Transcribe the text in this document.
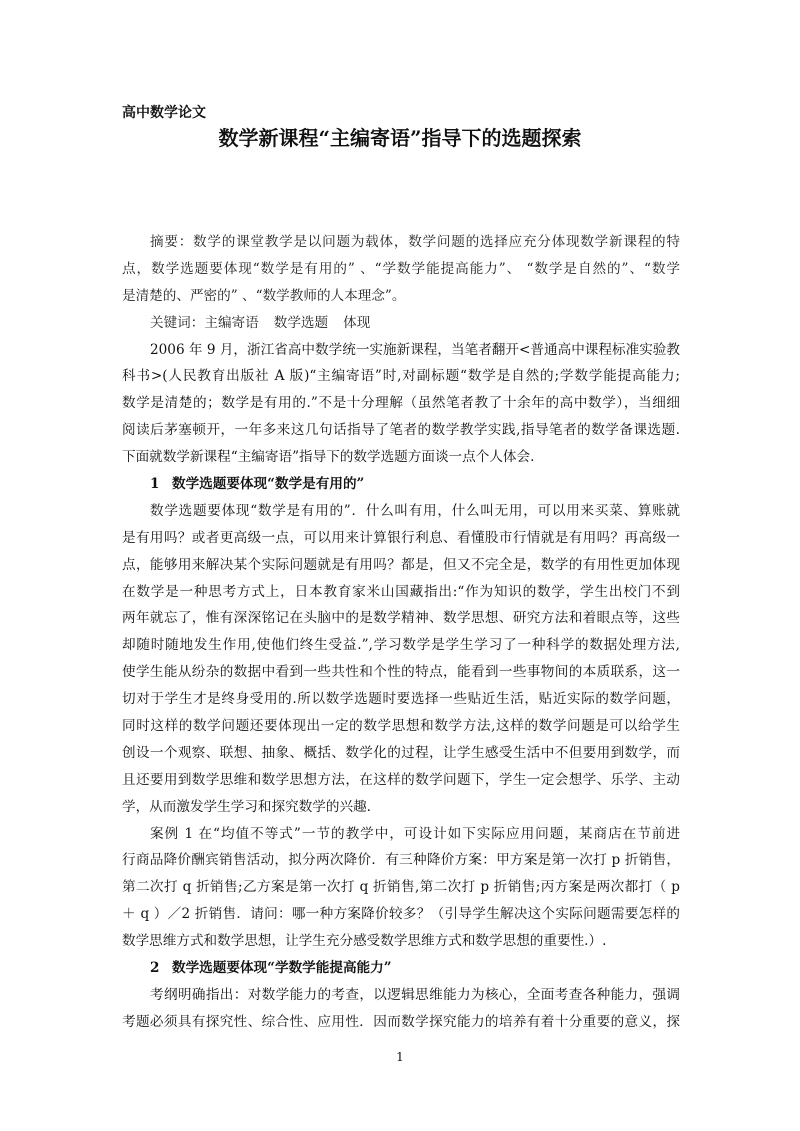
高中数学论文
数学新课程“主编寄语”指导下的选题探索
摘要：数学的课堂教学是以问题为载体，数学问题的选择应充分体现数学新课程的特
点，数学选题要体现“数学是有用的” 、“学数学能提高能力”、 “数学是自然的”、“数学
是清楚的、严密的” 、“数学教师的人本理念”。
关键词：主编寄语 数学选题 体现
2006 年 9 月，浙江省高中数学统一实施新课程，当笔者翻开<普通高中课程标准实验教
科书>(人民教育出版社 A 版)“主编寄语”时,对副标题“数学是自然的;学数学能提高能力;
数学是清楚的；数学是有用的.”不是十分理解（虽然笔者教了十余年的高中数学），当细细
阅读后茅塞顿开，一年多来这几句话指导了笔者的数学教学实践,指导笔者的数学备课选题.
下面就数学新课程“主编寄语”指导下的数学选题方面谈一点个人体会.
1 数学选题要体现“数学是有用的”
数学选题要体现“数学是有用的”．什么叫有用，什么叫无用，可以用来买菜、算账就
是有用吗？或者更高级一点，可以用来计算银行利息、看懂股市行情就是有用吗？再高级一
点，能够用来解决某个实际问题就是有用吗？都是，但又不完全是，数学的有用性更加体现
在数学是一种思考方式上，日本教育家米山国藏指出:“作为知识的数学，学生出校门不到
两年就忘了，惟有深深铭记在头脑中的是数学精神、数学思想、研究方法和着眼点等，这些
却随时随地发生作用,使他们终生受益.”,学习数学是学生学习了一种科学的数据处理方法,
使学生能从纷杂的数据中看到一些共性和个性的特点，能看到一些事物间的本质联系，这一
切对于学生才是终身受用的.所以数学选题时要选择一些贴近生活，贴近实际的数学问题，
同时这样的数学问题还要体现出一定的数学思想和数学方法,这样的数学问题是可以给学生
创设一个观察、联想、抽象、概括、数学化的过程，让学生感受生活中不但要用到数学，而
且还要用到数学思维和数学思想方法，在这样的数学问题下，学生一定会想学、乐学、主动
学，从而激发学生学习和探究数学的兴趣.
案例 1 在“均值不等式”一节的教学中，可设计如下实际应用问题，某商店在节前进
行商品降价酬宾销售活动，拟分两次降价．有三种降价方案：甲方案是第一次打 p 折销售，
第二次打 q 折销售;乙方案是第一次打 q 折销售,第二次打 p 折销售;丙方案是两次都打（ p
＋ q ）／2 折销售．请问：哪一种方案降价较多？（引导学生解决这个实际问题需要怎样的
数学思维方式和数学思想，让学生充分感受数学思维方式和数学思想的重要性.）.
2 数学选题要体现“学数学能提高能力”
考纲明确指出：对数学能力的考查，以逻辑思维能力为核心，全面考查各种能力，强调
考题必须具有探究性、综合性、应用性．因而数学探究能力的培养有着十分重要的意义，探
1
